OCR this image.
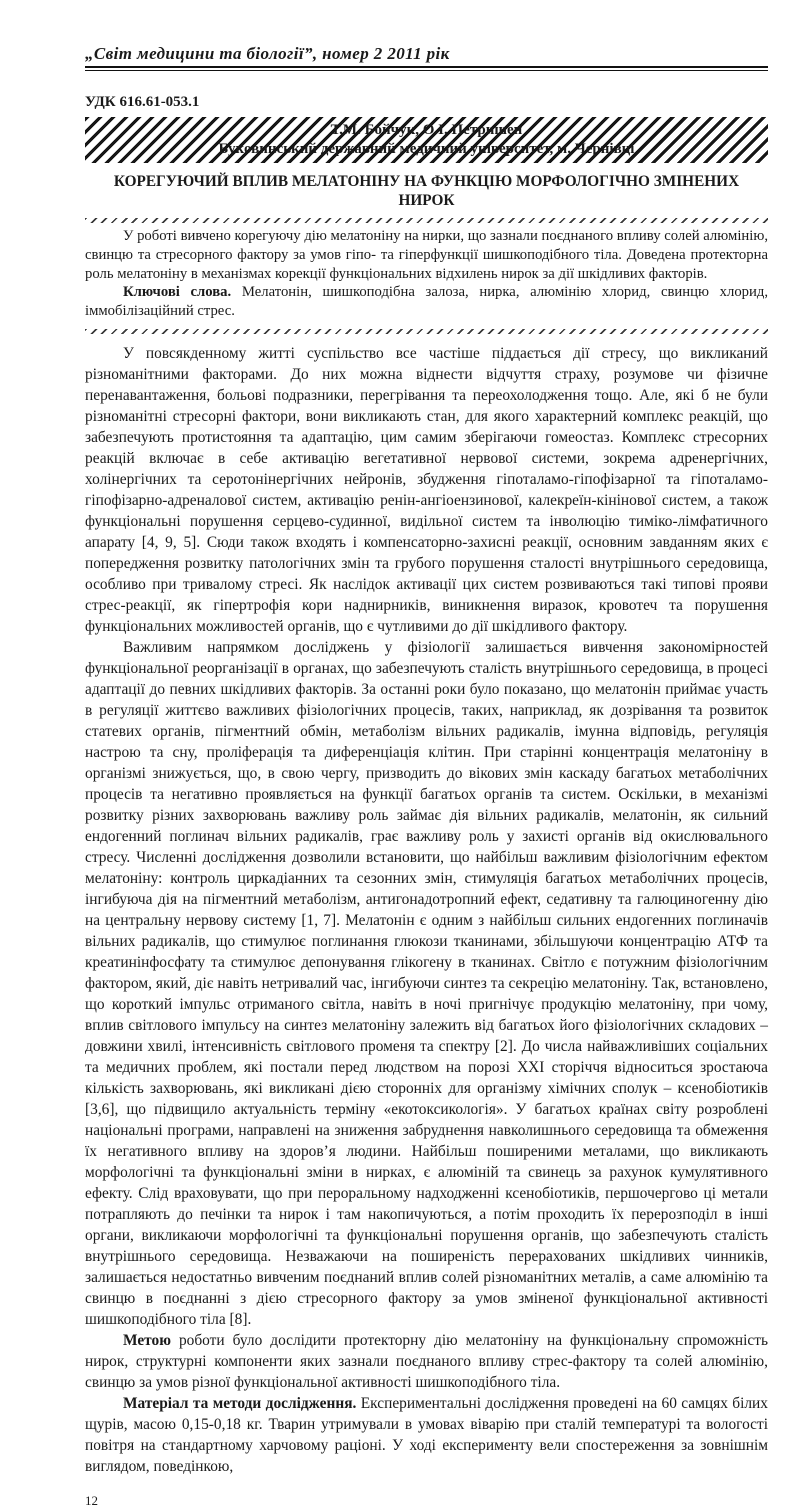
„Світ медицини та біології”, номер 2 2011 рік
УДК 616.61-053.1
Т.М. Бойчук, О.І. Петришен
Буковинський державний медичний університет, м. Чернівці
КОРЕГУЮЧИЙ ВПЛИВ МЕЛАТОНІНУ НА ФУНКЦІЮ МОРФОЛОГІЧНО ЗМІНЕНИХ НИРОК

У роботі вивчено корегуючу дію мелатоніну на нирки, що зазнали поєднаного впливу солей алюмінію, свинцю та стресорного фактору за умов гіпо- та гіперфункції шишкоподібного тіла. Доведена протекторна роль мелатоніну в механізмах корекції функціональних відхилень нирок за дії шкідливих факторів.

Ключові слова. Мелатонін, шишкоподібна залоза, нирка, алюмінію хлорид, свинцю хлорид, іммобілізаційний стрес.

У повсякденному житті суспільство все частіше піддається дії стресу, що викликаний різноманітними факторами. До них можна віднести відчуття страху, розумове чи фізичне перенавантаження, больові подразники, перегрівання та переохолодження тощо. Але, які б не були різноманітні стресорні фактори, вони викликають стан, для якого характерний комплекс реакцій, що забезпечують протистояння та адаптацію, цим самим зберігаючи гомеостаз. Комплекс стресорних реакцій включає в себе активацію вегетативної нервової системи, зокрема адренергічних, холінергічних та серотонінергічних нейронів, збудження гіпоталамо-гіпофізарної та гіпоталамо-гіпофізарно-адреналової систем, активацію ренін-ангіоензинової, калекреїн-кінінової систем, а також функціональні порушення серцево-судинної, видільної систем та інволюцію тиміко-лімфатичного апарату [4, 9, 5]. Сюди також входять і компенсаторно-захисні реакції, основним завданням яких є попередження розвитку патологічних змін та грубого порушення сталості внутрішнього середовища, особливо при тривалому стресі. Як наслідок активації цих систем розвиваються такі типові прояви стрес-реакції, як гіпертрофія кори наднирників, виникнення виразок, кровотеч та порушення функціональних можливостей органів, що є чутливими до дії шкідливого фактору.

Важливим напрямком досліджень у фізіології залишається вивчення закономірностей функціональної реорганізації в органах, що забезпечують сталість внутрішнього середовища, в процесі адаптації до певних шкідливих факторів. За останні роки було показано, що мелатонін приймає участь в регуляції життєво важливих фізіологічних процесів, таких, наприклад, як дозрівання та розвиток статевих органів, пігментний обмін, метаболізм вільних радикалів, імунна відповідь, регуляція настрою та сну, проліферація та диференціація клітин. При старінні концентрація мелатоніну в організмі знижується, що, в свою чергу, призводить до вікових змін каскаду багатьох метаболічних процесів та негативно проявляється на функції багатьох органів та систем. Оскільки, в механізмі розвитку різних захворювань важливу роль займає дія вільних радикалів, мелатонін, як сильний ендогенний поглинач вільних радикалів, грає важливу роль у захисті органів від окислювального стресу. Численні дослідження дозволили встановити, що найбільш важливим фізіологічним ефектом мелатоніну: контроль циркадіанних та сезонних змін, стимуляція багатьох метаболічних процесів, інгибуюча дія на пігментний метаболізм, антигонадотропний ефект, седативну та галюциногенну дію на центральну нервову систему [1, 7]. Мелатонін є одним з найбільш сильних ендогенних поглиначів вільних радикалів, що стимулює поглинання глюкози тканинами, збільшуючи концентрацію АТФ та креатинінфосфату та стимулює депонування глікогену в тканинах. Світло є потужним фізіологічним фактором, який, діє навіть нетривалий час, інгибуючи синтез та секрецію мелатоніну. Так, встановлено, що короткий імпульс отриманого світла, навіть в ночі пригнічує продукцію мелатоніну, при чому, вплив світлового імпульсу на синтез мелатоніну залежить від багатьох його фізіологічних складових – довжини хвилі, інтенсивність світлового променя та спектру [2]. До числа найважливіших соціальних та медичних проблем, які постали перед людством на порозі XXI сторіччя відноситься зростаюча кількість захворювань, які викликані дією сторонніх для організму хімічних сполук – ксенобіотиків [3,6], що підвищило актуальність терміну «екотоксикологія». У багатьох країнах світу розроблені національні програми, направлені на зниження забруднення навколишнього середовища та обмеження їх негативного впливу на здоров’я людини. Найбільш поширеними металами, що викликають морфологічні та функціональні зміни в нирках, є алюміній та свинець за рахунок кумулятивного ефекту. Слід враховувати, що при пероральному надходженні ксенобіотиків, першочергово ці метали потрапляють до печінки та нирок і там накопичуються, а потім проходить їх перерозподіл в інші органи, викликаючи морфологічні та функціональні порушення органів, що забезпечують сталість внутрішнього середовища. Незважаючи на поширеність перерахованих шкідливих чинників, залишається недостатньо вивченим поєднаний вплив солей різноманітних металів, а саме алюмінію та свинцю в поєднанні з дією стресорного фактору за умов зміненої функціональної активності шишкоподібного тіла [8].

Метою роботи було дослідити протекторну дію мелатоніну на функціональну спроможність нирок, структурні компоненти яких зазнали поєднаного впливу стрес-фактору та солей алюмінію, свинцю за умов різної функціональної активності шишкоподібного тіла.

Матеріал та методи дослідження. Експериментальні дослідження проведені на 60 самцях білих щурів, масою 0,15-0,18 кг. Тварин утримували в умовах віварію при сталій температурі та вологості повітря на стандартному харчовому раціоні. У ході експерименту вели спостереження за зовнішнім виглядом, поведінкою,

12
